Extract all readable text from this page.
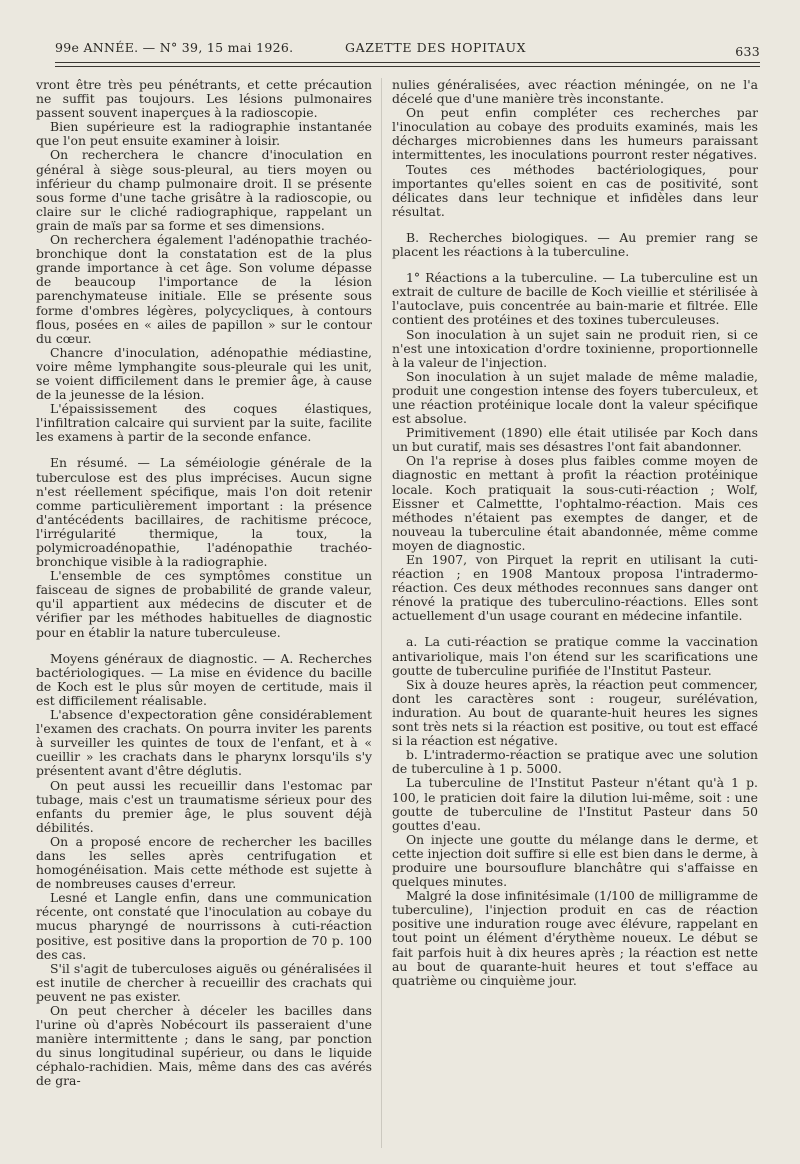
99e ANNÉE. — N° 39, 15 mai 1926.	GAZETTE DES HOPITAUX	633

vront être très peu pénétrants, et cette précaution ne suffit pas toujours. Les lésions pulmonaires passent souvent inaperçues à la radioscopie.

Bien supérieure est la radiographie instantanée que l'on peut ensuite examiner à loisir.

On recherchera le chancre d'inoculation en général à siège sous-pleural, au tiers moyen ou inférieur du champ pulmonaire droit. Il se présente sous forme d'une tache grisâtre à la radioscopie, ou claire sur le cliché radiographique, rappelant un grain de maïs par sa forme et ses dimensions.

On recherchera également l'adénopathie trachéo-bronchique dont la constatation est de la plus grande importance à cet âge. Son volume dépasse de beaucoup l'importance de la lésion parenchymateuse initiale. Elle se présente sous forme d'ombres légères, polycycliques, à contours flous, posées en « ailes de papillon » sur le contour du cœur.

Chancre d'inoculation, adénopathie médiastine, voire même lymphangite sous-pleurale qui les unit, se voient difficilement dans le premier âge, à cause de la jeunesse de la lésion.

L'épaississement des coques élastiques, l'infiltration calcaire qui survient par la suite, facilite les examens à partir de la seconde enfance.

En résumé. — La séméiologie générale de la tuberculose est des plus imprécises. Aucun signe n'est réellement spécifique, mais l'on doit retenir comme particulièrement important : la présence d'antécédents bacillaires, de rachitisme précoce, l'irrégularité thermique, la toux, la polymicroadénopathie, l'adénopathie trachéo-bronchique visible à la radiographie.

L'ensemble de ces symptômes constitue un faisceau de signes de probabilité de grande valeur, qu'il appartient aux médecins de discuter et de vérifier par les méthodes habituelles de diagnostic pour en établir la nature tuberculeuse.

Moyens généraux de diagnostic. — A. Recherches bactériologiques. — La mise en évidence du bacille de Koch est le plus sûr moyen de certitude, mais il est difficilement réalisable.

L'absence d'expectoration gêne considérablement l'examen des crachats. On pourra inviter les parents à surveiller les quintes de toux de l'enfant, et à « cueillir » les crachats dans le pharynx lorsqu'ils s'y présentent avant d'être déglutis.

On peut aussi les recueillir dans l'estomac par tubage, mais c'est un traumatisme sérieux pour des enfants du premier âge, le plus souvent déjà débilités.

On a proposé encore de rechercher les bacilles dans les selles après centrifugation et homogénéisation. Mais cette méthode est sujette à de nombreuses causes d'erreur.

Lesné et Langle enfin, dans une communication récente, ont constaté que l'inoculation au cobaye du mucus pharyngé de nourrissons à cuti-réaction positive, est positive dans la proportion de 70 p. 100 des cas.

S'il s'agit de tuberculoses aiguës ou généralisées il est inutile de chercher à recueillir des crachats qui peuvent ne pas exister.

On peut chercher à déceler les bacilles dans l'urine où d'après Nobécourt ils passeraient d'une manière intermittente ; dans le sang, par ponction du sinus longitudinal supérieur, ou dans le liquide céphalo-rachidien. Mais, même dans des cas avérés de gra-

nulies généralisées, avec réaction méningée, on ne l'a décelé que d'une manière très inconstante.

On peut enfin compléter ces recherches par l'inoculation au cobaye des produits examinés, mais les décharges microbiennes dans les humeurs paraissant intermittentes, les inoculations pourront rester négatives.

Toutes ces méthodes bactériologiques, pour importantes qu'elles soient en cas de positivité, sont délicates dans leur technique et infidèles dans leur résultat.

B. Recherches biologiques. — Au premier rang se placent les réactions à la tuberculine.

1° Réactions a la tuberculine. — La tuberculine est un extrait de culture de bacille de Koch vieillie et stérilisée à l'autoclave, puis concentrée au bain-marie et filtrée. Elle contient des protéines et des toxines tuberculeuses.

Son inoculation à un sujet sain ne produit rien, si ce n'est une intoxication d'ordre toxinienne, proportionnelle à la valeur de l'injection.

Son inoculation à un sujet malade de même maladie, produit une congestion intense des foyers tuberculeux, et une réaction protéinique locale dont la valeur spécifique est absolue.

Primitivement (1890) elle était utilisée par Koch dans un but curatif, mais ses désastres l'ont fait abandonner.

On l'a reprise à doses plus faibles comme moyen de diagnostic en mettant à profit la réaction protéinique locale. Koch pratiquait la sous-cuti-réaction ; Wolf, Eissner et Calmettte, l'ophtalmo-réaction. Mais ces méthodes n'étaient pas exemptes de danger, et de nouveau la tuberculine était abandonnée, même comme moyen de diagnostic.

En 1907, von Pirquet la reprit en utilisant la cuti-réaction ; en 1908 Mantoux proposa l'intradermo-réaction. Ces deux méthodes reconnues sans danger ont rénové la pratique des tuberculino-réactions. Elles sont actuellement d'un usage courant en médecine infantile.

a. La cuti-réaction se pratique comme la vaccination antivariolique, mais l'on étend sur les scarifications une goutte de tuberculine purifiée de l'Institut Pasteur.

Six à douze heures après, la réaction peut commencer, dont les caractères sont : rougeur, surélévation, induration. Au bout de quarante-huit heures les signes sont très nets si la réaction est positive, ou tout est effacé si la réaction est négative.

b. L'intradermo-réaction se pratique avec une solution de tuberculine à 1 p. 5000.

La tuberculine de l'Institut Pasteur n'étant qu'à 1 p. 100, le praticien doit faire la dilution lui-même, soit : une goutte de tuberculine de l'Institut Pasteur dans 50 gouttes d'eau.

On injecte une goutte du mélange dans le derme, et cette injection doit suffire si elle est bien dans le derme, à produire une boursouflure blanchâtre qui s'affaisse en quelques minutes.

Malgré la dose infinitésimale (1/100 de milligramme de tuberculine), l'injection produit en cas de réaction positive une induration rouge avec élévure, rappelant en tout point un élément d'érythème noueux. Le début se fait parfois huit à dix heures après ; la réaction est nette au bout de quarante-huit heures et tout s'efface au quatrième ou cinquième jour.
